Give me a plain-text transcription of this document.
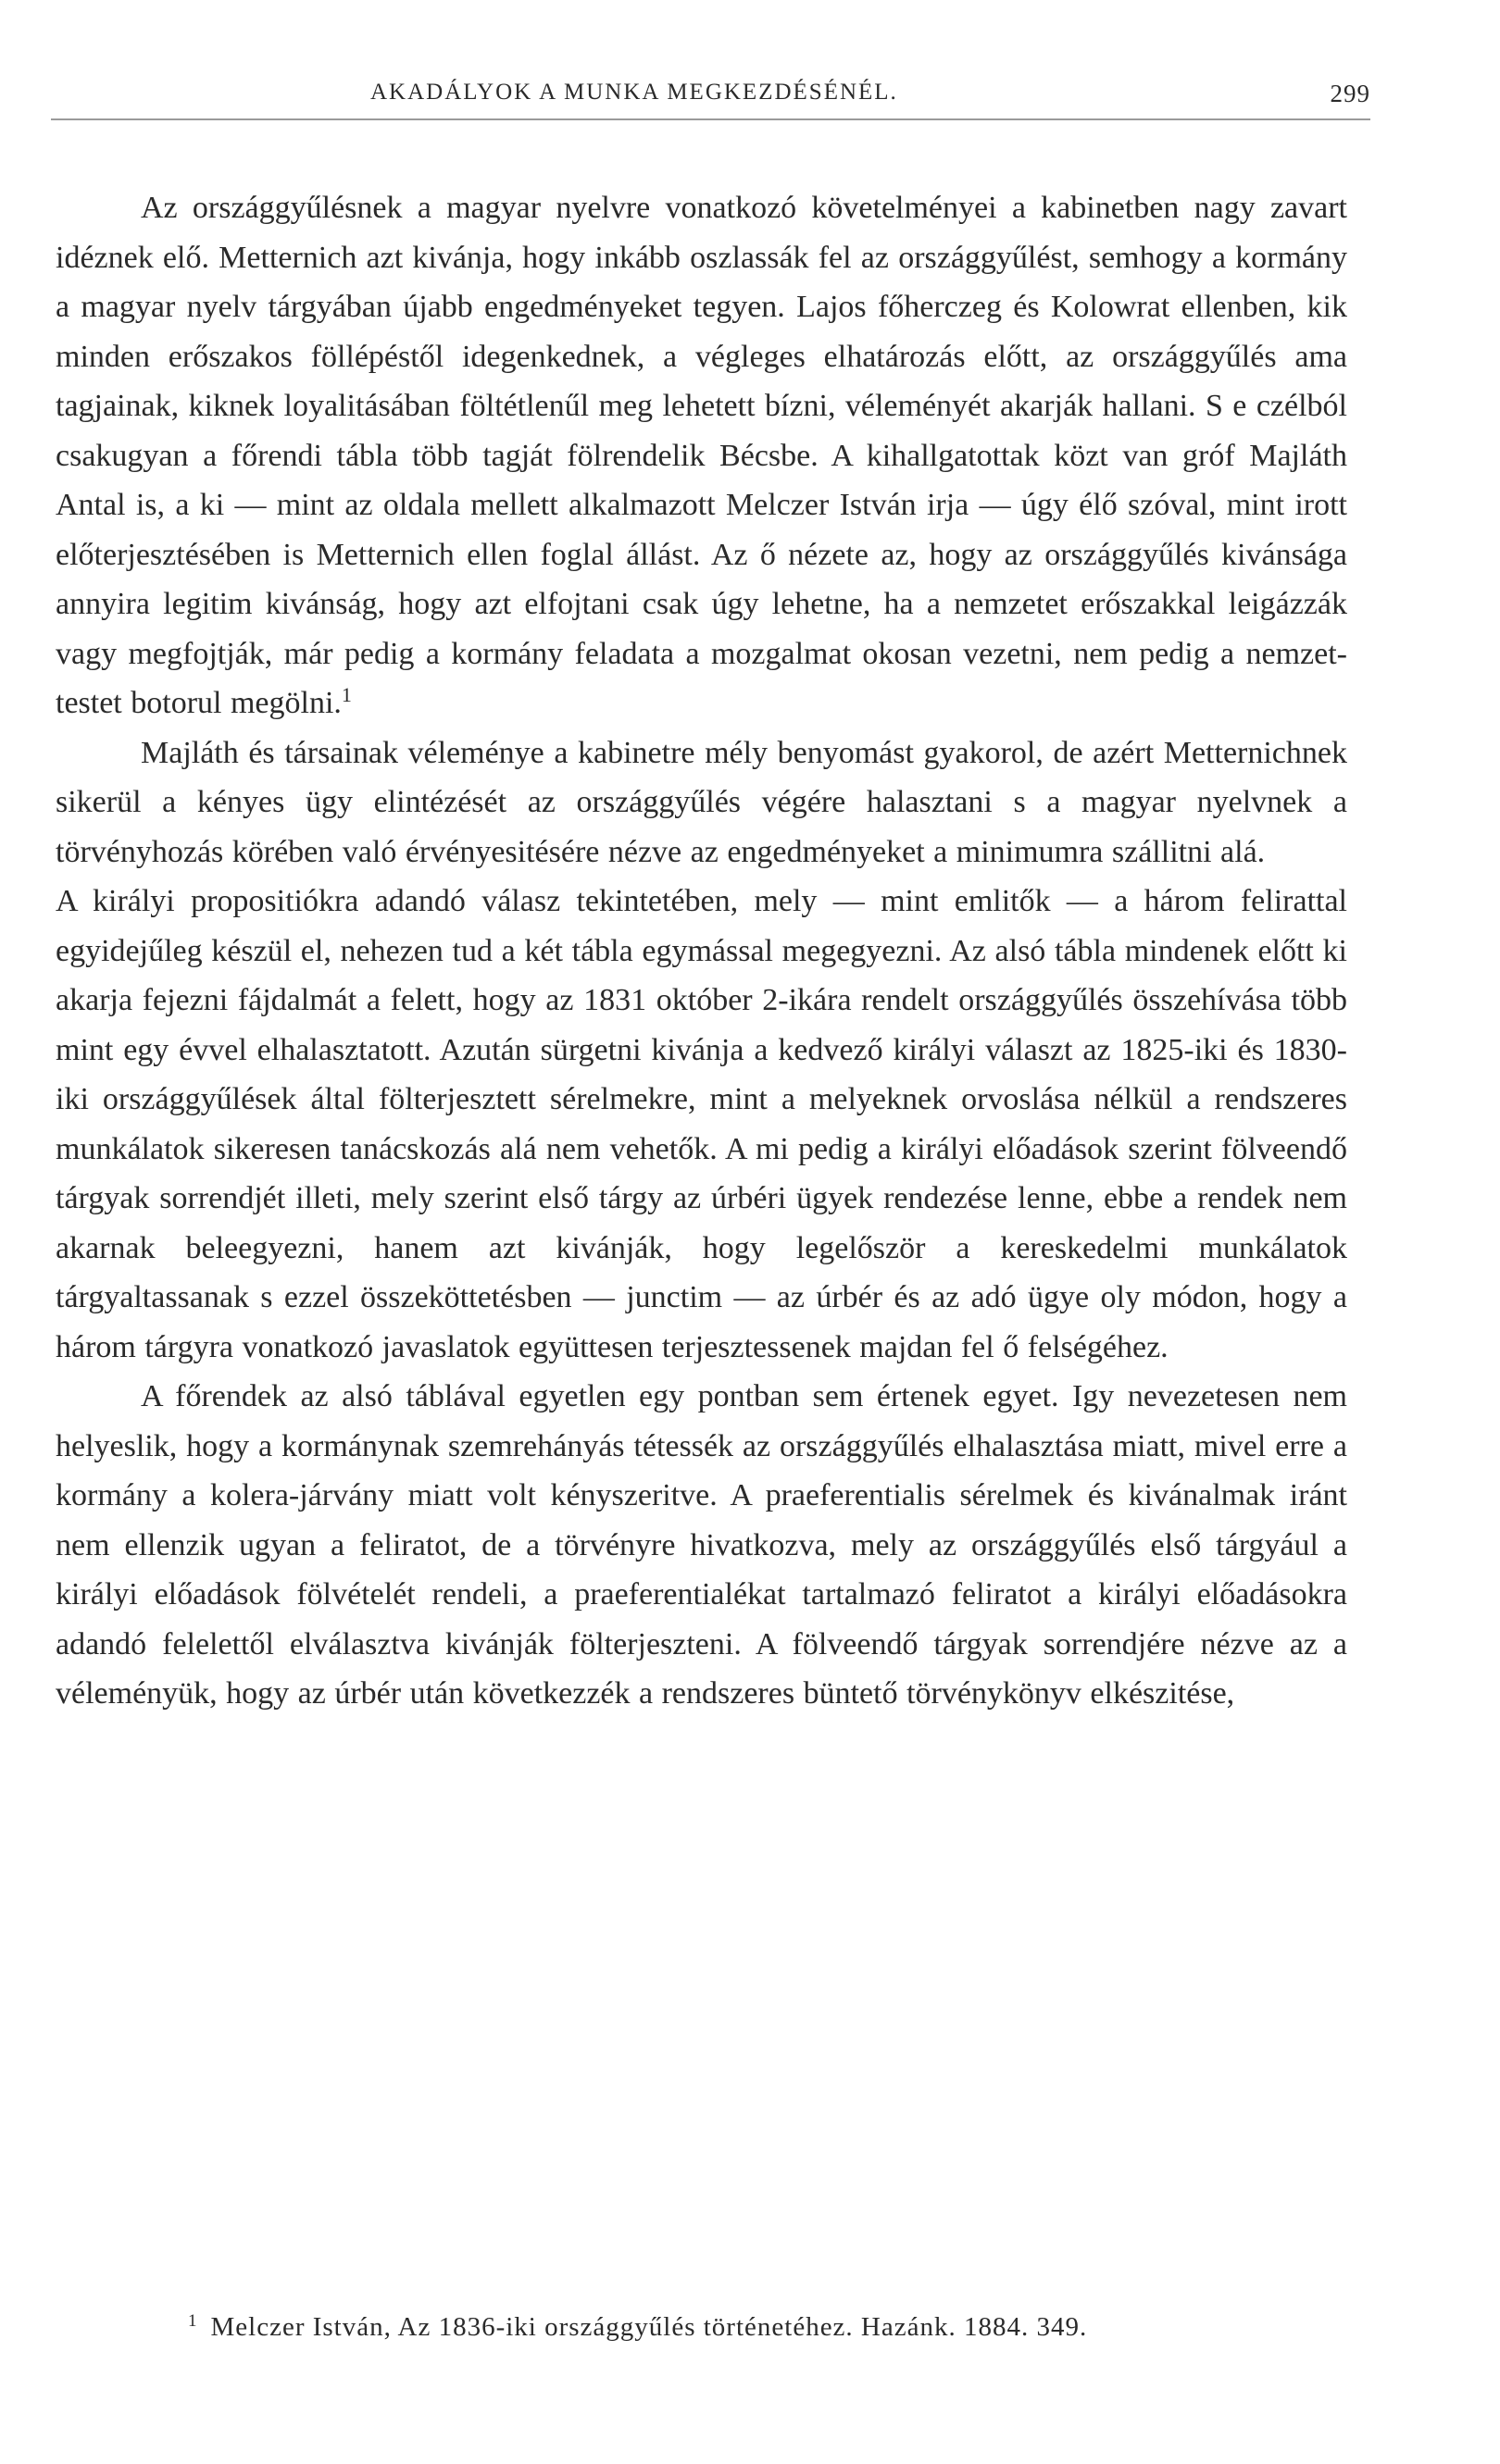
AKADÁLYOK A MUNKA MEGKEZDÉSÉNÉL.	299

Az országgyűlésnek a magyar nyelvre vonatkozó követelményei a kabinetben nagy zavart idéznek elő. Metternich azt kivánja, hogy inkább oszlassák fel az országgyűlést, semhogy a kormány a magyar nyelv tárgyában újabb engedményeket tegyen. Lajos főherczeg és Kolowrat ellenben, kik minden erőszakos föllépéstől idegenkednek, a végleges elhatározás előtt, az országgyűlés ama tagjainak, kiknek loyalitásában föltétlenűl meg lehetett bízni, véleményét akarják hallani. S e czélból csakugyan a főrendi tábla több tagját fölrendelik Bécsbe. A kihallgatottak közt van gróf Majláth Antal is, a ki — mint az oldala mellett alkalmazott Melczer István irja — úgy élő szóval, mint irott előterjesztésében is Metternich ellen foglal állást. Az ő nézete az, hogy az országgyűlés kivánsága annyira legitim kivánság, hogy azt elfojtani csak úgy lehetne, ha a nemzetet erőszakkal leigázzák vagy megfojtják, már pedig a kormány feladata a mozgalmat okosan vezetni, nem pedig a nemzet-testet botorul megölni.$^1$

Majláth és társainak véleménye a kabinetre mély benyomást gyakorol, de azért Metternichnek sikerül a kényes ügy elintézését az országgyűlés végére halasztani s a magyar nyelvnek a törvényhozás körében való érvényesitésére nézve az engedményeket a minimumra szállitni alá.

A királyi propositiókra adandó válasz tekintetében, mely — mint emlitők — a három felirattal egyidejűleg készül el, nehezen tud a két tábla egymással megegyezni. Az alsó tábla mindenek előtt ki akarja fejezni fájdalmát a felett, hogy az 1831 október 2-ikára rendelt országgyűlés összehívása több mint egy évvel elhalasztatott. Azután sürgetni kivánja a kedvező királyi választ az 1825-iki és 1830-iki országgyűlések által fölterjesztett sérelmekre, mint a melyeknek orvoslása nélkül a rendszeres munkálatok sikeresen tanácskozás alá nem vehetők. A mi pedig a királyi előadások szerint fölveendő tárgyak sorrendjét illeti, mely szerint első tárgy az úrbéri ügyek rendezése lenne, ebbe a rendek nem akarnak beleegyezni, hanem azt kivánják, hogy legelőször a kereskedelmi munkálatok tárgyaltassanak s ezzel összeköttetésben — junctim — az úrbér és az adó ügye oly módon, hogy a három tárgyra vonatkozó javaslatok együttesen terjesztessenek majdan fel ő felségéhez.

A főrendek az alsó táblával egyetlen egy pontban sem értenek egyet. Igy nevezetesen nem helyeslik, hogy a kormánynak szemrehányás tétessék az országgyűlés elhalasztása miatt, mivel erre a kormány a kolera-járvány miatt volt kényszeritve. A praeferentialis sérelmek és kivánalmak iránt nem ellenzik ugyan a feliratot, de a törvényre hivatkozva, mely az országgyűlés első tárgyául a királyi előadások fölvételét rendeli, a praeferentialékat tartalmazó feliratot a királyi előadásokra adandó felelettől elválasztva kivánják fölterjeszteni. A fölveendő tárgyak sorrendjére nézve az a véleményük, hogy az úrbér után következzék a rendszeres büntető törvénykönyv elkészitése,

$^1$ Melczer István, Az 1836-iki országgyűlés történetéhez. Hazánk. 1884. 349.
